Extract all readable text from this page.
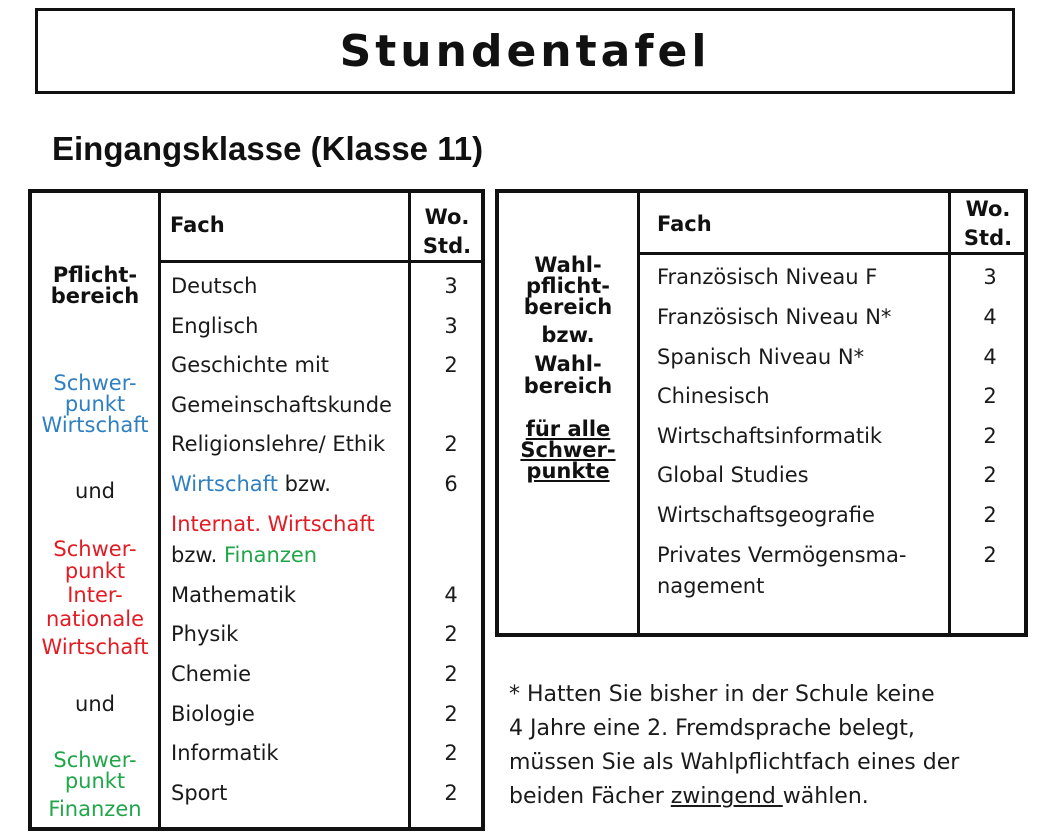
Stundentafel
Eingangsklasse (Klasse 11)
Fach	Wo.
Std.
Pflicht-
bereich
Schwer-
punkt
Wirtschaft
und
Schwer-
punkt
Inter-
nationale
Wirtschaft
und
Schwer-
punkt
Finanzen
Deutsch
Englisch
Geschichte mit
Gemeinschaftskunde
Religionslehre/ Ethik
Wirtschaft bzw.
Internat. Wirtschaft
bzw. Finanzen
Mathematik
Physik
Chemie
Biologie
Informatik
Sport
3
3
2
2
6
4
2
2
2
2
2
Fach
Wo.
Std.
Wahl-
pflicht-
bereich
bzw.
Wahl-
bereich
für alle
Schwer-
punkte
Französisch Niveau F
Französisch Niveau N*
Spanisch Niveau N*
Chinesisch
Wirtschaftsinformatik
Global Studies
Wirtschaftsgeografie
Privates Vermögensma-
nagement
3
4
4
2
2
2
2
2
* Hatten Sie bisher in der Schule keine
4 Jahre eine 2. Fremdsprache belegt,
müssen Sie als Wahlpflichtfach eines der
beiden Fächer zwingend wählen.
